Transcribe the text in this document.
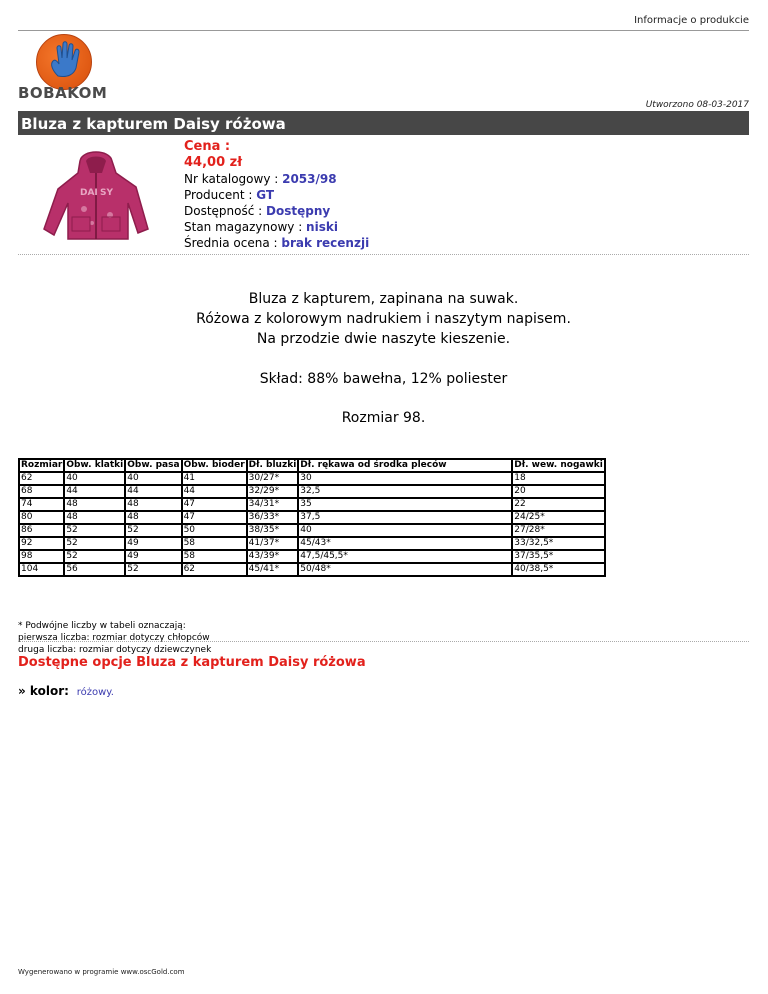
Informacje o produkcie
BOBAKOM
Utworzono 08-03-2017
Bluza z kapturem Daisy różowa
DAI SY
Cena :
44,00 zł
Nr katalogowy : 2053/98
Producent : GT
Dostępność : Dostępny
Stan magazynowy : niski
Średnia ocena : brak recenzji
Bluza z kapturem, zapinana na suwak.
Różowa z kolorowym nadrukiem i naszytym napisem.
Na przodzie dwie naszyte kieszenie.
Skład: 88% bawełna, 12% poliester
Rozmiar 98.
Rozmiar	Obw. klatki	Obw. pasa	Obw. bioder	Dł. bluzki	Dł. rękawa od środka pleców	Dł. wew. nogawki
62	40	40	41	30/27*	30	18
68	44	44	44	32/29*	32,5	20
74	48	48	47	34/31*	35	22
80	48	48	47	36/33*	37,5	24/25*
86	52	52	50	38/35*	40	27/28*
92	52	49	58	41/37*	45/43*	33/32,5*
98	52	49	58	43/39*	47,5/45,5*	37/35,5*
104	56	52	62	45/41*	50/48*	40/38,5*
* Podwójne liczby w tabeli oznaczają:
pierwsza liczba: rozmiar dotyczy chłopców
druga liczba: rozmiar dotyczy dziewczynek
Dostępne opcje Bluza z kapturem Daisy różowa
» kolor: różowy.
Wygenerowano w programie www.oscGold.com
